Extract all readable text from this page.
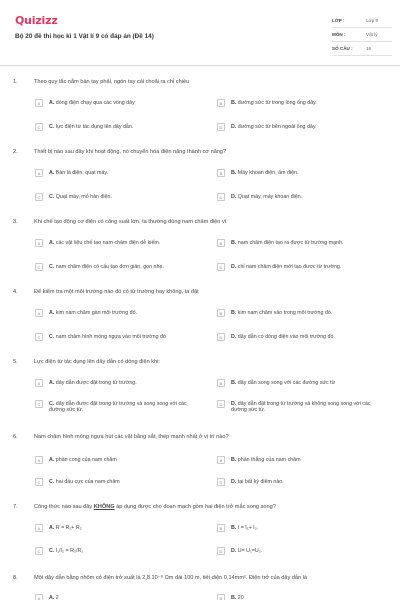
Quizizz
Bộ 20 đề thi học kì 1 Vật lí 9 có đáp án (Đề 14)
LỚP :	Lớp 9
MÔN :	Vật lý
SỐ CÂU :	16
1.	Theo quy tắc nắm bàn tay phải, ngón tay cái choãi ra chỉ chiều
A	A. dòng điện chạy qua các vòng dây	B	B. đường sức từ trong lòng ống dây.
C	C. lực điện từ tác dụng lên dây dẫn.	D	D. đường sức từ bên ngoài ống dây.
2.	Thiết bị nào sau đây khi hoạt động, nó chuyển hóa điện năng thành cơ năng?
A	A. Bàn là điện, quạt máy.	B	B. Máy khoan điện, ấm điện.
C	C. Quạt máy, mỏ hàn điện.	D	D. Quạt máy, máy khoan điện.
3.	Khi chế tạo động cơ điện có công suất lớn, ta thường dùng nam châm điện vì
A	A. các vật liệu chế tạo nam châm điện dễ kiếm.	B	B. nam châm điện tạo ra được từ trường mạnh.
C	C. nam châm điện có cấu tạo đơn giản, gọn nhẹ.	D	D. chỉ nam châm điện mới tạo được từ trường.
4.	Để kiểm tra một môi trường nào đó có từ trường hay không, ta đặt
A	A. kim nam châm gần môi trường đó.	B	B. kim nam châm vào trong môi trường đó.
C	C. nam châm hình móng ngựa vào môi trường đó	D	D. dây dẫn có dòng điện vào môi trường đó.
5.	Lực điện từ tác dụng lên dây dẫn có dòng điện khi:
A	A. dây dẫn được đặt trong từ trường.	B	B. dây dẫn song song với các đường sức từ
C	C. dây dẫn được đặt trong từ trường và song song với các đường sức từ.
D	D. dây dẫn đặt trong từ trường và không song song với các đường sức từ.
6.	Nam châm hình móng ngựa hút các vật bằng sắt, thép mạnh nhất ở vị trí nào?
A	A. phần cong của nam châm	B	B. phần thẳng của nam châm
C	C. hai đầu cực của nam châm	D	D. tại bất kỳ điểm nào.
7.	Công thức nào sau đây KHÔNG áp dụng được cho đoạn mạch gồm hai điện trở mắc song song?
A	A. R = R₁+ R₂	B	B. I = I₁+ I₂.
C	C. I₁/I₂ = R₂/R₁	D	D. U= U₁=U₂.
8.	Một dây dẫn bằng nhôm có điện trở suất là 2,8.10⁻⁸ Ωm dài 100 m, tiết diện 0,14mm². Điện trở của dây dẫn là
A	A. 2	B	B. 20
